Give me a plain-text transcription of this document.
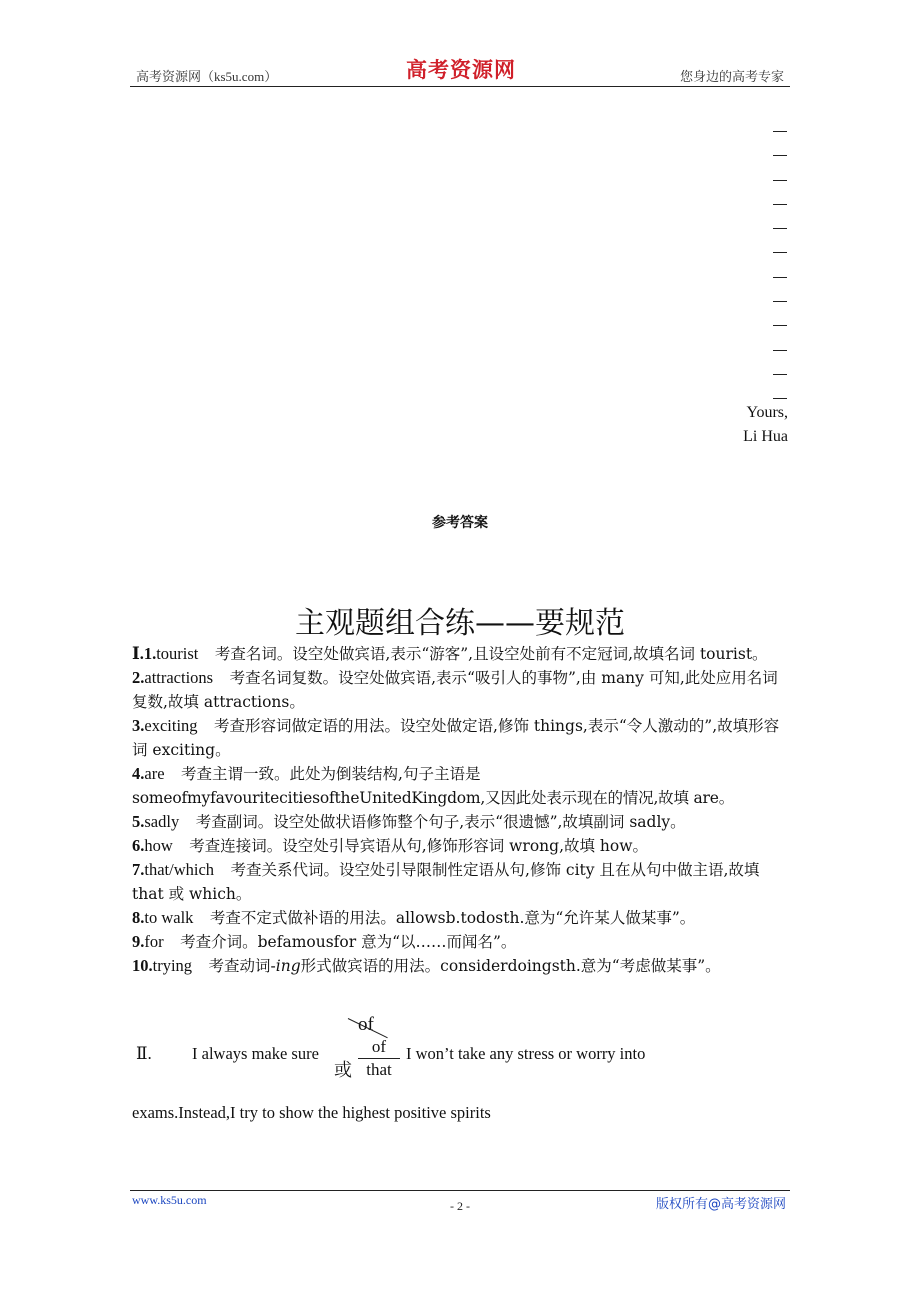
高考资源网（ks5u.com）	高考资源网	您身边的高考专家
Yours,
Li Hua
参考答案
主观题组合练——要规范

Ⅰ.1.tourist 考查名词。设空处做宾语,表示“游客”,且设空处前有不定冠词,故填名词 tourist。

2.attractions 考查名词复数。设空处做宾语,表示“吸引人的事物”,由 many 可知,此处应用名词复数,故填 attractions。

3.exciting 考查形容词做定语的用法。设空处做定语,修饰 things,表示“令人激动的”,故填形容词 exciting。

4.are 考查主谓一致。此处为倒装结构,句子主语是
someofmyfavouritecitiesoftheUnitedKingdom,又因此处表示现在的情况,故填 are。

5.sadly 考查副词。设空处做状语修饰整个句子,表示“很遗憾”,故填副词 sadly。

6.how 考查连接词。设空处引导宾语从句,修饰形容词 wrong,故填 how。

7.that/which 考查关系代词。设空处引导限制性定语从句,修饰 city 且在从句中做主语,故填 that 或 which。

8.to walk 考查不定式做补语的用法。allowsb.todosth.意为“允许某人做某事”。

9.for 考查介词。befamousfor 意为“以……而闻名”。

10.trying 考查动词-ing形式做宾语的用法。considerdoingsth.意为“考虑做某事”。

Ⅱ. I always make sure
of
或
of
that
I won’t take any stress or worry into
exams.Instead,I try to show the highest positive spirits
www.ks5u.com	- 2 -	版权所有@高考资源网
